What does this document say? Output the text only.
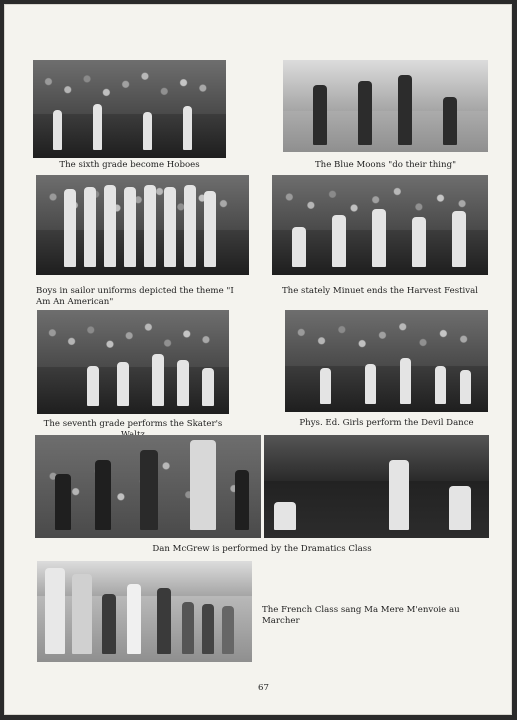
The sixth grade become Hoboes	The Blue Moons "do their thing"
Boys in sailor uniforms depicted the theme "I Am An American"
The stately Minuet ends the Harvest Festival
The seventh grade performs the Skater's	Phys. Ed. Girls perform the Devil Dance
Dan McGrew is performed by the Dramatics Class
The French Class sang Ma Mere M'envoie au Marcher
67
